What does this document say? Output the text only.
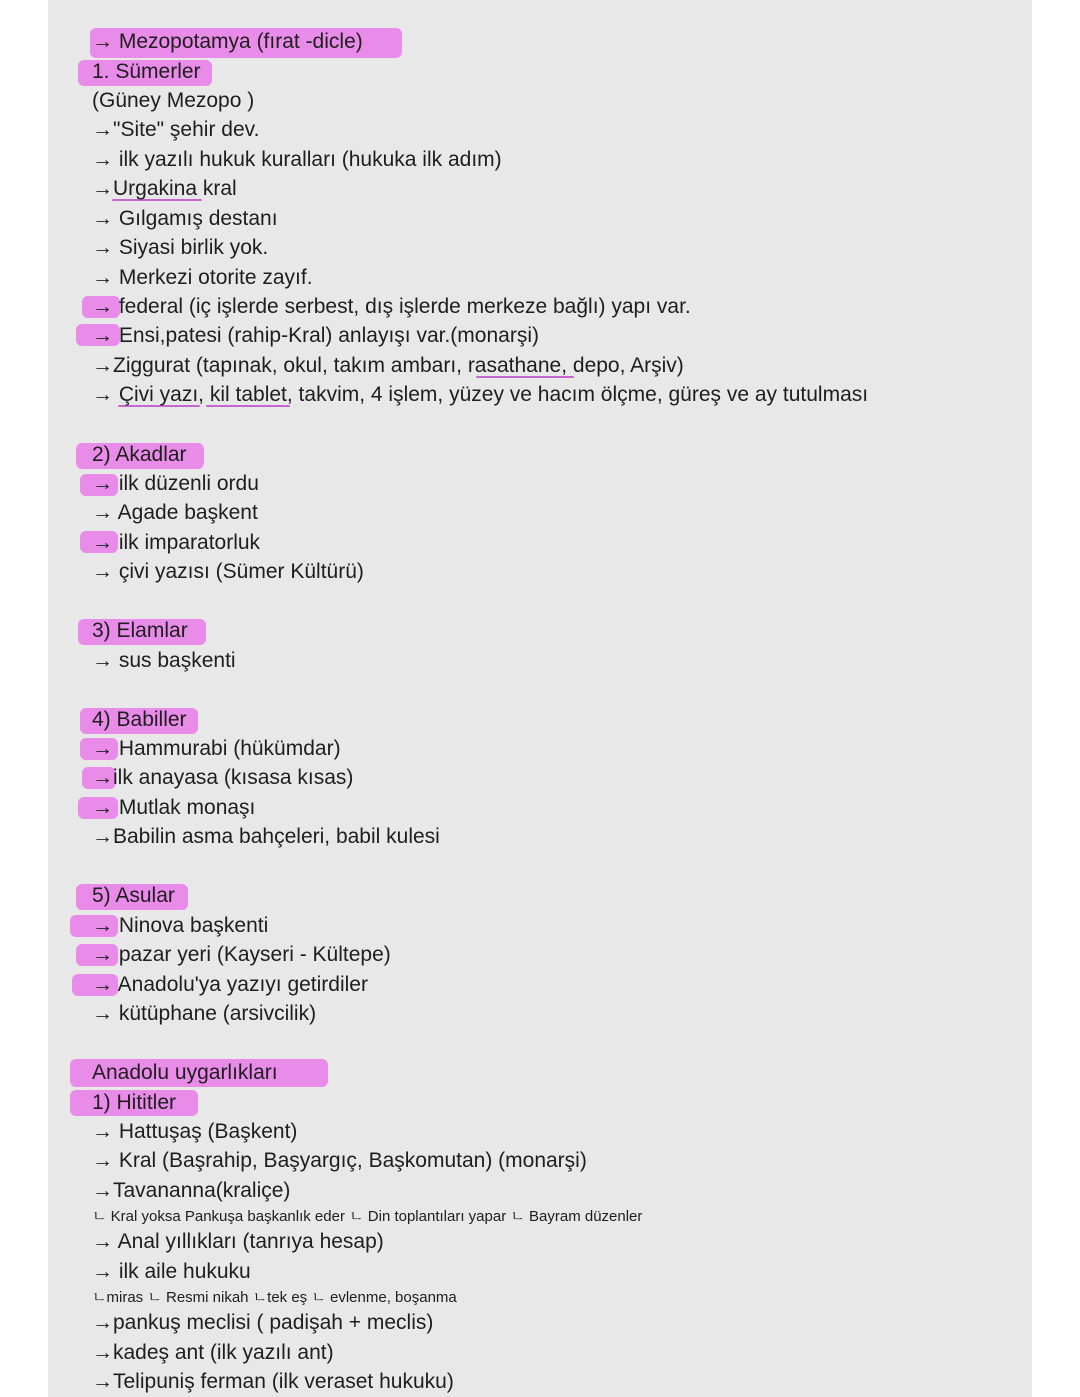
→ Mezopotamya (fırat -dicle)
1. Sümerler
(Güney Mezopo )
→"Site" şehir dev.
→ ilk yazılı hukuk kuralları (hukuka ilk adım)
→Urgakina kral
→ Gılgamış destanı
→ Siyasi birlik yok.
→ Merkezi otorite zayıf.
→ federal (iç işlerde serbest, dış işlerde merkeze bağlı) yapı var.
→ Ensi,patesi (rahip-Kral) anlayışı var.(monarşi)
→Ziggurat (tapınak, okul, takım ambarı, rasathane, depo, Arşiv)
→ Çivi yazı, kil tablet, takvim, 4 işlem, yüzey ve hacım ölçme, güreş ve ay tutulması
2) Akadlar
→ ilk düzenli ordu
→ Agade başkent
→ ilk imparatorluk
→ çivi yazısı (Sümer Kültürü)
3) Elamlar
→ sus başkenti
4) Babiller
→ Hammurabi (hükümdar)
→ilk anayasa (kısasa kısas)
→ Mutlak monaşı
→Babilin asma bahçeleri, babil kulesi
5) Asular
→ Ninova başkenti
→ pazar yeri (Kayseri - Kültepe)
→ Anadolu'ya yazıyı getirdiler
→ kütüphane (arsivcilik)
Anadolu uygarlıkları
1) Hititler
→ Hattuşaş (Başkent)
→ Kral (Başrahip, Başyargıç, Başkomutan) (monarşi)
→Tavananna(kraliçe)
ㄴ Kral yoksa Pankuşa başkanlık eder ㄴ Din toplantıları yapar ㄴ Bayram düzenler
→ Anal yıllıkları (tanrıya hesap)
→ ilk aile hukuku
ㄴmiras ㄴ Resmi nikah ㄴtek eş ㄴ evlenme, boşanma
→pankuş meclisi ( padişah + meclis)
→kadeş ant (ilk yazılı ant)
→Telipuniş ferman (ilk veraset hukuku)
